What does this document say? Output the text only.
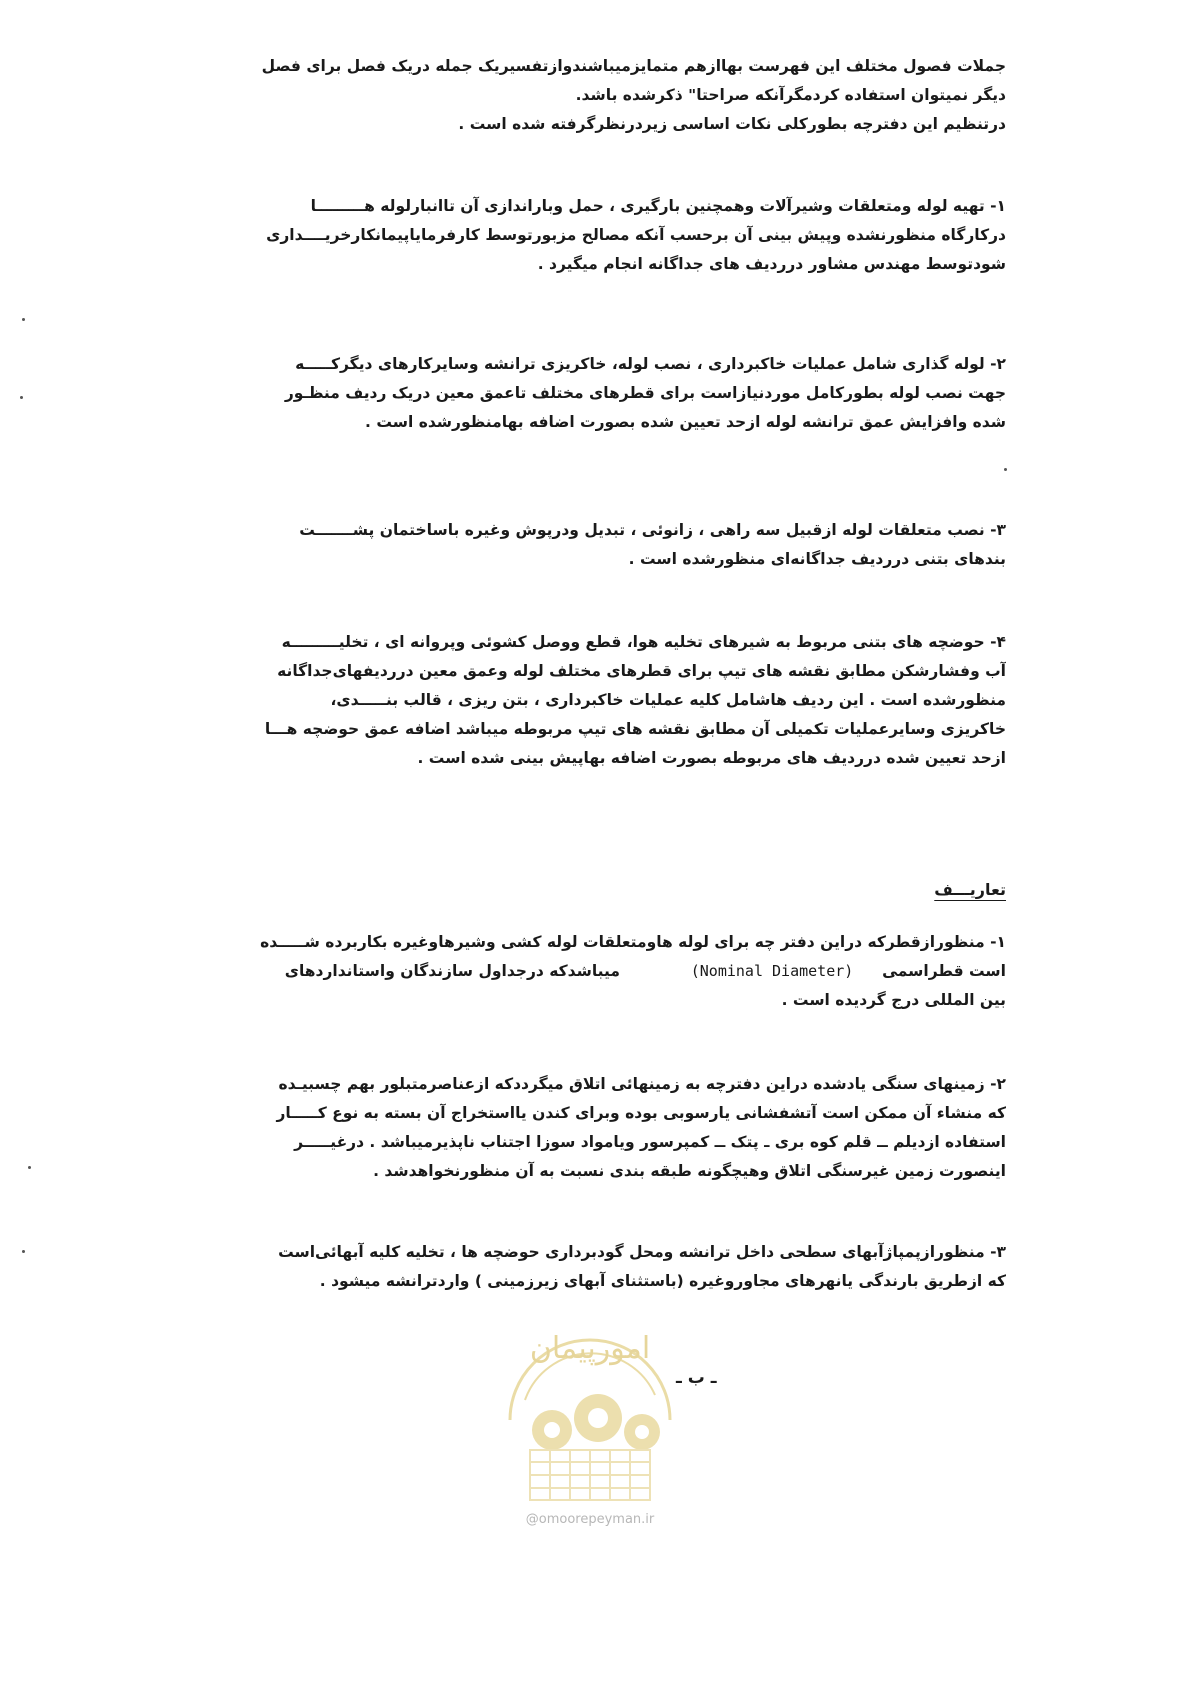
جملات فصول مختلف این فهرست بهاازهم متمایزمیباشندوازتفسیریک جمله دریک فصل برای فصل
دیگر نمیتوان استفاده کردمگرآنکه صراحتا" ذکرشده باشد.
درتنظیم این دفترچه بطورکلی نکات اساسی زیردرنظرگرفته شده است .
۱- تهیه لوله ومتعلقات وشیرآلات وهمچنین بارگیری ، حمل وباراندازی آن تاانبارلوله هـــــــــا
درکارگاه منظورنشده وپیش بینی آن برحسب آنکه مصالح مزبورتوسط کارفرمایاپیمانکارخریــــداری
شودتوسط مهندس مشاور درردیف های جداگانه انجام میگیرد .
۲- لوله گذاری شامل عملیات خاکبرداری ، نصب لوله، خاکریزی ترانشه وسایرکارهای دیگرکـــــه
جهت نصب لوله بطورکامل موردنیازاست برای قطرهای مختلف تاعمق معین دریک ردیف منظـور
شده وافزایش عمق ترانشه لوله ازحد تعیین شده بصورت اضافه بهامنظورشده است .
۳- نصب متعلقات لوله ازقبیل سه راهی ، زانوئی ، تبدیل ودرپوش وغیره باساختمان پشـــــــت
بندهای بتنی درردیف جداگانه‌ای منظورشده است .
۴- حوضچه های بتنی مربوط به شیرهای تخلیه هوا، قطع ووصل کشوئی وپروانه ای ، تخلیـــــــــه
آب وفشارشکن مطابق نقشه های تیپ برای قطرهای مختلف لوله وعمق معین درردیفهای‌جداگانه
منظورشده است . این ردیف هاشامل کلیه عملیات خاکبرداری ، بتن ریزی ، قالب بنـــــدی،
خاکریزی وسایرعملیات تکمیلی آن مطابق نقشه های تیپ مربوطه میباشد اضافه عمق حوضچه هـــا
ازحد تعیین شده درردیف های مربوطه بصورت اضافه بهاپیش بینی شده است .
تعاریـــف
۱- منظورازقطرکه دراین دفتر چه برای لوله هاومتعلقات لوله کشی وشیرهاوغیره بکاربرده شـــــده
است قطراسمی  (Nominal Diameter)  میباشدکه درجداول سازندگان واستانداردهای
بین المللی درج گردیده است .
۲- زمینهای سنگی یادشده دراین دفترچه به زمینهائی اتلاق میگرددکه ازعناصرمتبلور بهم چسبیـده
که منشاء آن ممکن است آتشفشانی یارسوبی بوده وبرای کندن یااستخراج آن بسته به نوع کـــــار
استفاده ازدیلم ــ قلم کوه بری ـ پتک ــ کمپرسور ویامواد سوزا اجتناب ناپذیرمیباشد . درغیـــــر
اینصورت زمین غیرسنگی اتلاق وهیچگونه طبقه بندی نسبت به آن منظورنخواهدشد .
۳- منظورازپمپاژآبهای سطحی داخل ترانشه ومحل گودبرداری حوضچه ها ، تخلیه کلیه آبهائی‌است
که ازطریق بارندگی یانهرهای مجاوروغیره (باستثنای آبهای زیرزمینی ) واردترانشه میشود .
ـ ب ـ
امورپیمان
@omoorepeyman.ir
